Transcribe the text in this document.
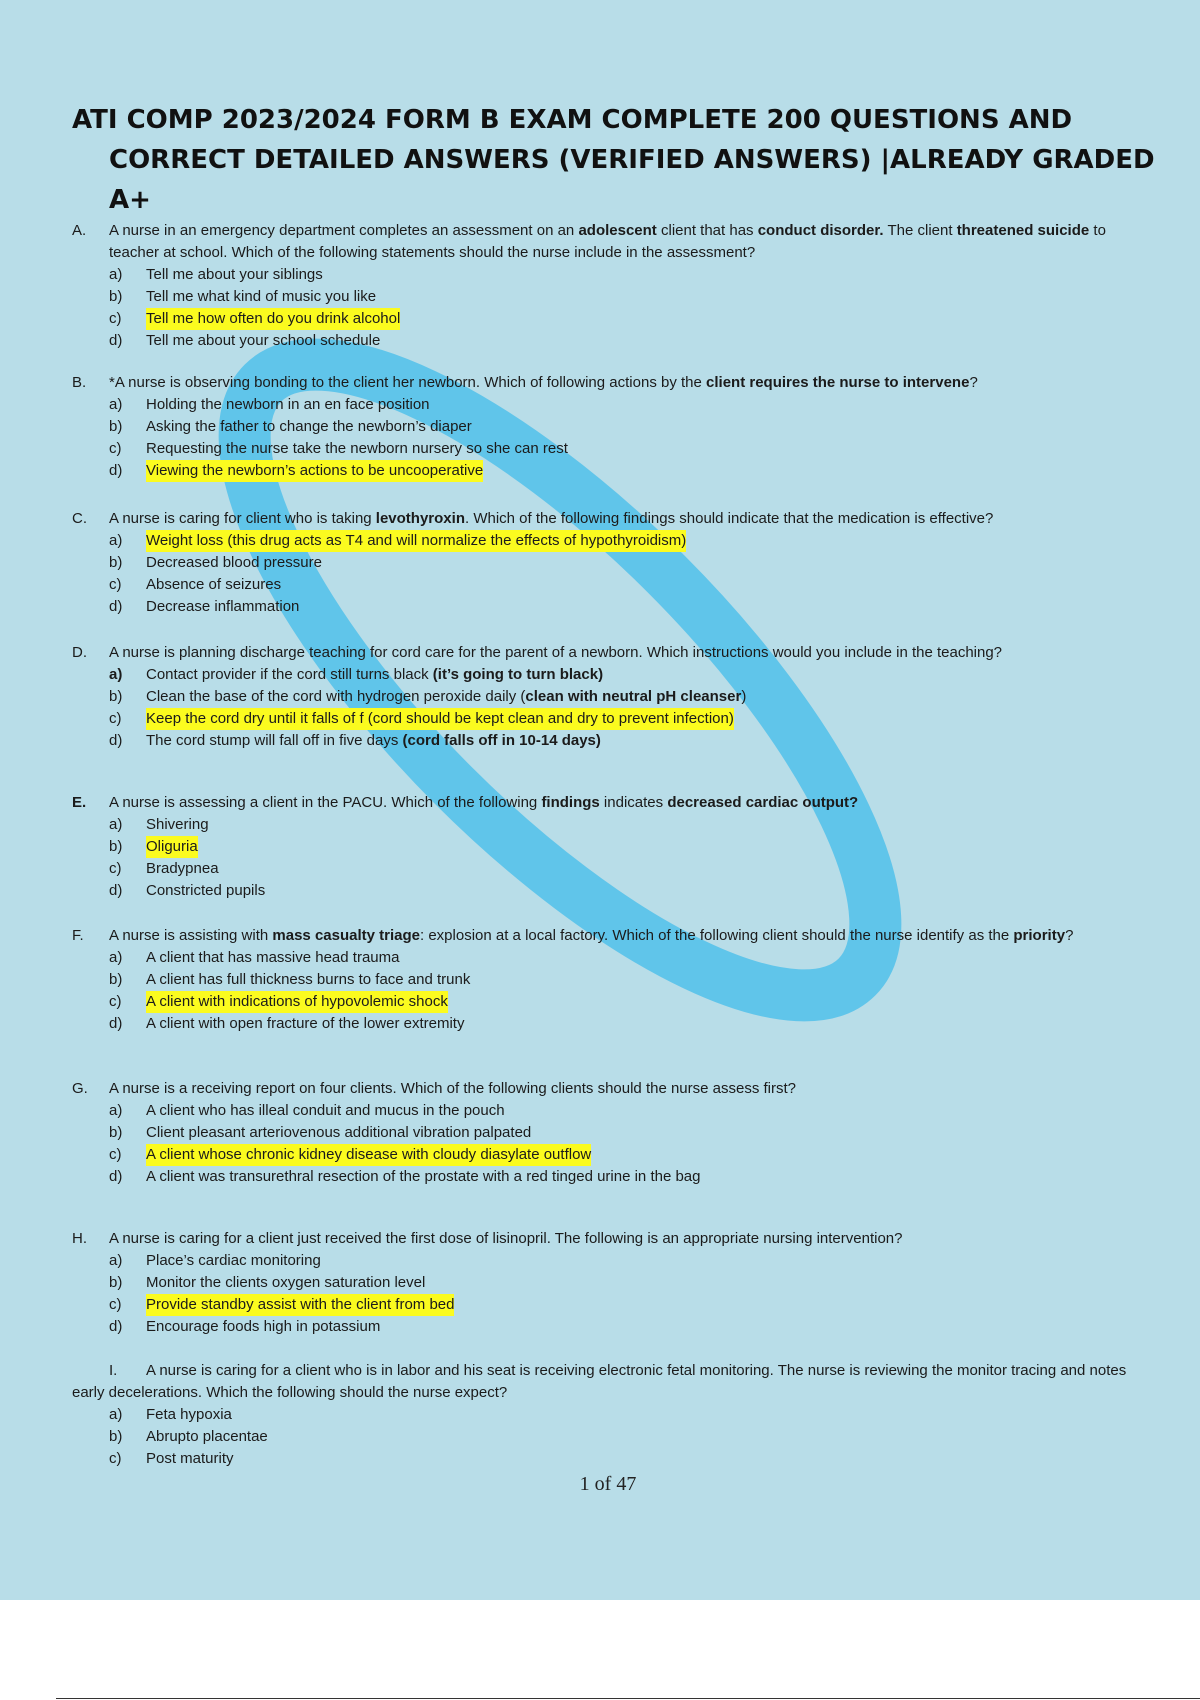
ATI COMP 2023/2024 FORM B EXAM COMPLETE 200 QUESTIONS AND
CORRECT DETAILED ANSWERS (VERIFIED ANSWERS) |ALREADY GRADED A+
A.	A nurse in an emergency department completes an assessment on an adolescent client that has conduct disorder. The client threatened suicide to teacher at school. Which of the following statements should the nurse include in the assessment?
a)	Tell me about your siblings
b)	Tell me what kind of music you like
c)	Tell me how often do you drink alcohol
d)	Tell me about your school schedule
B.	*A nurse is observing bonding to the client her newborn. Which of following actions by the client requires the nurse to intervene?
a)	Holding the newborn in an en face position
b)	Asking the father to change the newborn’s diaper
c)	Requesting the nurse take the newborn nursery so she can rest
d)	Viewing the newborn’s actions to be uncooperative
C.	A nurse is caring for client who is taking levothyroxin. Which of the following findings should indicate that the medication is effective?
a)	Weight loss (this drug acts as T4 and will normalize the effects of hypothyroidism)
b)	Decreased blood pressure
c)	Absence of seizures
d)	Decrease inflammation
D.	A nurse is planning discharge teaching for cord care for the parent of a newborn. Which instructions would you include in the teaching?
a)	Contact provider if the cord still turns black (it’s going to turn black)
b)	Clean the base of the cord with hydrogen peroxide daily (clean with neutral pH cleanser)
c)	Keep the cord dry until it falls of f (cord should be kept clean and dry to prevent infection)
d)	The cord stump will fall off in five days (cord falls off in 10-14 days)
E.	A nurse is assessing a client in the PACU. Which of the following findings indicates decreased cardiac output?
a)	Shivering
b)	Oliguria
c)	Bradypnea
d)	Constricted pupils
F.	A nurse is assisting with mass casualty triage: explosion at a local factory. Which of the following client should the nurse identify as the priority?
a)	A client that has massive head trauma
b)	A client has full thickness burns to face and trunk
c)	A client with indications of hypovolemic shock
d)	A client with open fracture of the lower extremity
G.	A nurse is a receiving report on four clients. Which of the following clients should the nurse assess first?
a)	A client who has illeal conduit and mucus in the pouch
b)	Client pleasant arteriovenous additional vibration palpated
c)	A client whose chronic kidney disease with cloudy diasylate outflow
d)	A client was transurethral resection of the prostate with a red tinged urine in the bag
H.	A nurse is caring for a client just received the first dose of lisinopril. The following is an appropriate nursing intervention?
a)	Place’s cardiac monitoring
b)	Monitor the clients oxygen saturation level
c)	Provide standby assist with the client from bed
d)	Encourage foods high in potassium
I. A nurse is caring for a client who is in labor and his seat is receiving electronic fetal monitoring. The nurse is reviewing the monitor tracing and notes early decelerations. Which the following should the nurse expect?
a)	Feta hypoxia
b)	Abrupto placentae
c)	Post maturity
1 of 47
